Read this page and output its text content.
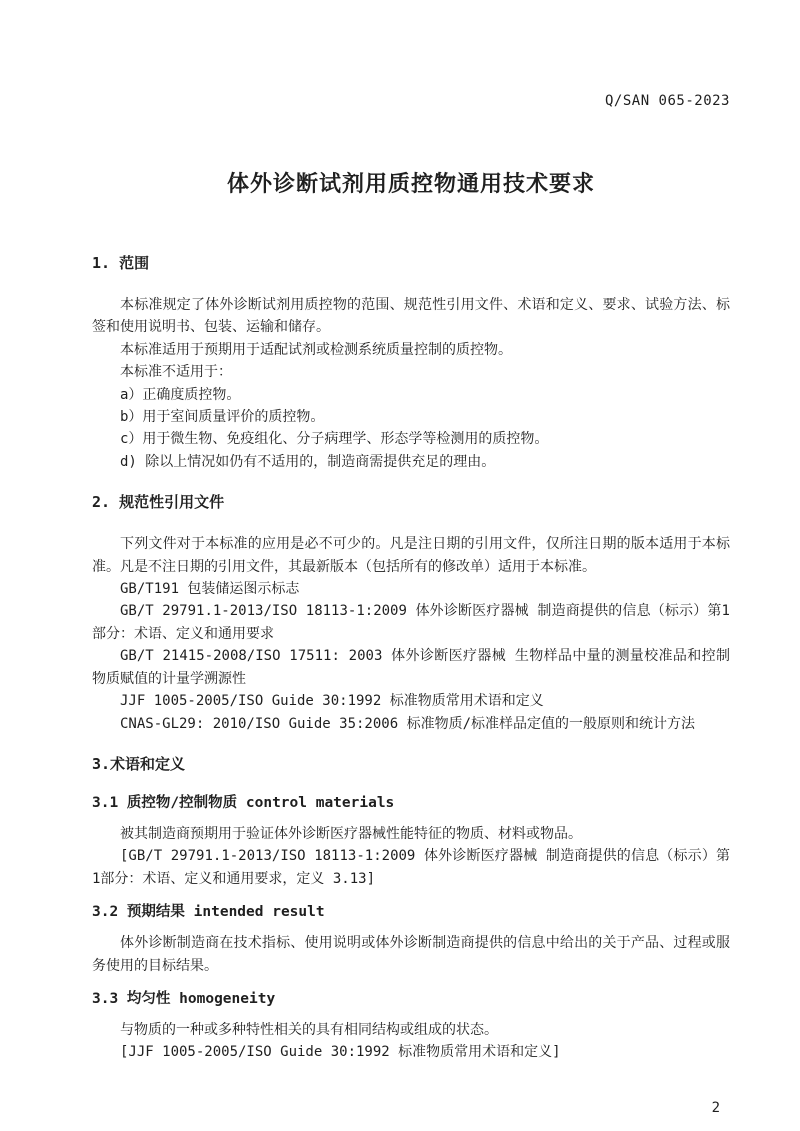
Q/SAN 065-2023
体外诊断试剂用质控物通用技术要求
1. 范围

本标准规定了体外诊断试剂用质控物的范围、规范性引用文件、术语和定义、要求、试验方法、标签和使用说明书、包装、运输和储存。

本标准适用于预期用于适配试剂或检测系统质量控制的质控物。

本标准不适用于：

a）正确度质控物。

b）用于室间质量评价的质控物。

c）用于微生物、免疫组化、分子病理学、形态学等检测用的质控物。

d) 除以上情况如仍有不适用的，制造商需提供充足的理由。

2. 规范性引用文件

下列文件对于本标准的应用是必不可少的。凡是注日期的引用文件，仅所注日期的版本适用于本标准。凡是不注日期的引用文件，其最新版本（包括所有的修改单）适用于本标准。

GB/T191 包装储运图示标志

GB/T 29791.1-2013/ISO 18113-1:2009 体外诊断医疗器械 制造商提供的信息（标示）第1部分：术语、定义和通用要求

GB/T 21415-2008/ISO 17511: 2003 体外诊断医疗器械 生物样品中量的测量校准品和控制物质赋值的计量学溯源性

JJF 1005-2005/ISO Guide 30:1992 标准物质常用术语和定义

CNAS-GL29: 2010/ISO Guide 35:2006 标准物质/标准样品定值的一般原则和统计方法

3.术语和定义
3.1 质控物/控制物质 control materials

被其制造商预期用于验证体外诊断医疗器械性能特征的物质、材料或物品。

[GB/T 29791.1-2013/ISO 18113-1:2009 体外诊断医疗器械 制造商提供的信息（标示）第1部分：术语、定义和通用要求，定义 3.13]

3.2 预期结果 intended result

体外诊断制造商在技术指标、使用说明或体外诊断制造商提供的信息中给出的关于产品、过程或服务使用的目标结果。

3.3 均匀性 homogeneity

与物质的一种或多种特性相关的具有相同结构或组成的状态。

[JJF 1005-2005/ISO Guide 30:1992 标准物质常用术语和定义]

2
